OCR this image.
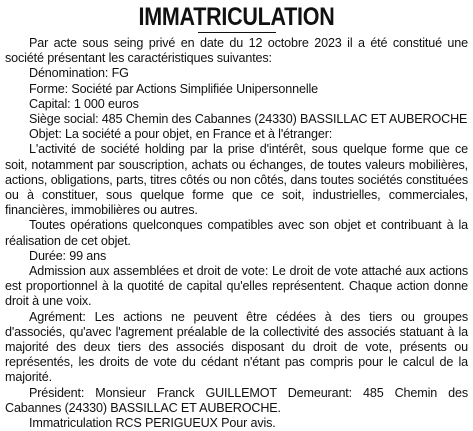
IMMATRICULATION

Par acte sous seing privé en date du 12 octobre 2023 il a été constitué une société présentant les caractéristiques suivantes:

Dénomination: FG

Forme: Société par Actions Simplifiée Unipersonnelle

Capital: 1 000 euros

Siège social: 485 Chemin des Cabannes (24330) BASSILLAC ET AUBEROCHE

Objet: La société a pour objet, en France et à l'étranger:

L'activité de société holding par la prise d'intérêt, sous quelque forme que ce soit, notamment par souscription, achats ou échanges, de toutes valeurs mobilières, actions, obligations, parts, titres côtés ou non côtés, dans toutes sociétés constituées ou à constituer, sous quelque forme que ce soit, industrielles, commerciales, financières, immobilières ou autres.

Toutes opérations quelconques compatibles avec son objet et contribuant à la réalisation de cet objet.

Durée: 99 ans

Admission aux assemblées et droit de vote: Le droit de vote attaché aux actions est proportionnel à la quotité de capital qu'elles représentent. Chaque action donne droit à une voix.

Agrément: Les actions ne peuvent être cédées à des tiers ou groupes d'associés, qu'avec l'agrement préalable de la collectivité des associés statuant à la majorité des deux tiers des associés disposant du droit de vote, présents ou représentés, les droits de vote du cédant n'étant pas compris pour le calcul de la majorité.

Président: Monsieur Franck GUILLEMOT Demeurant: 485 Chemin des Cabannes (24330) BASSILLAC ET AUBEROCHE.

Immatriculation RCS PERIGUEUX Pour avis.
